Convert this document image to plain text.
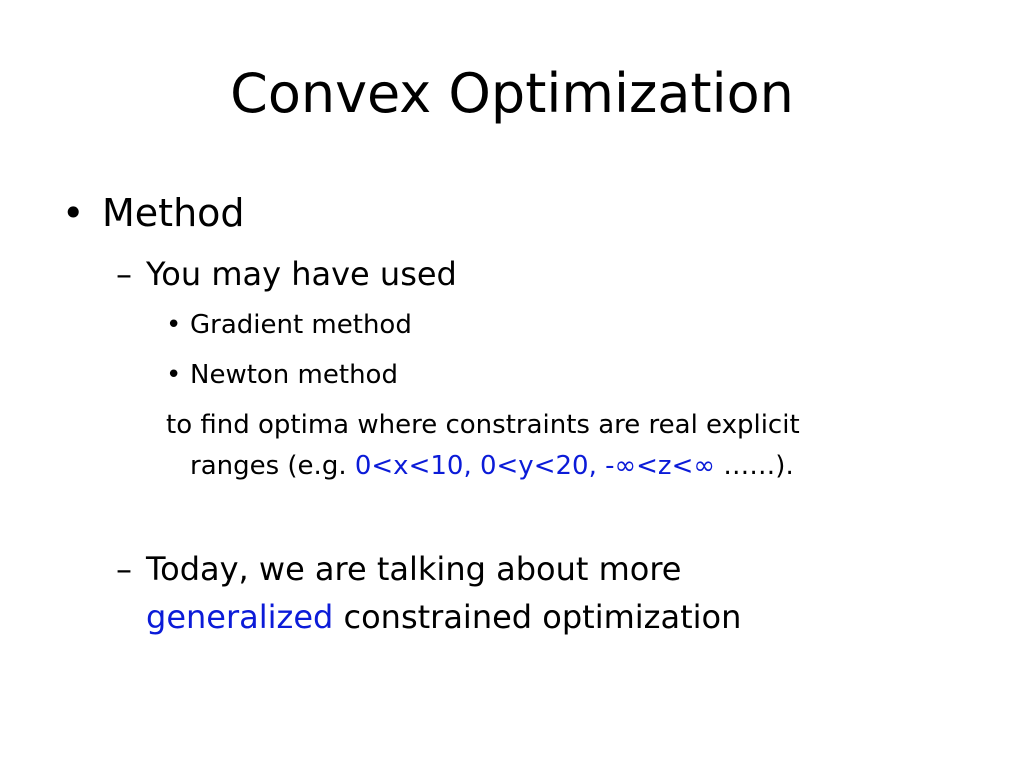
Convex Optimization
• Method
– You may have used
• Gradient method
• Newton method
to find optima where constraints are real explicit
ranges (e.g. 0<x<10, 0<y<20, -∞<z<∞ ……).
– Today, we are talking about more
generalized constrained optimization
